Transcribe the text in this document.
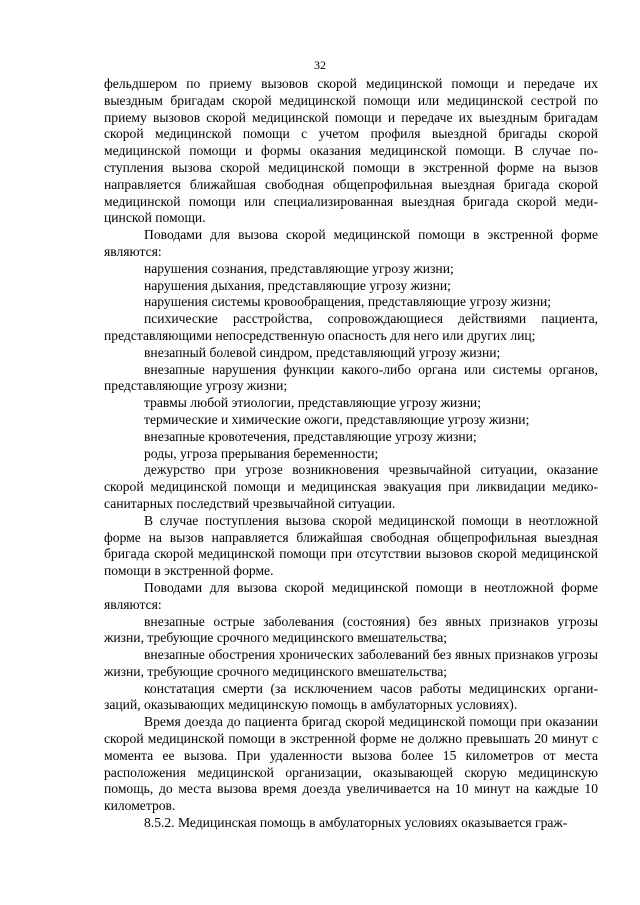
32

фельдшером по приему вызовов скорой медицинской помощи и передаче их выездным бригадам скорой медицинской помощи или медицинской сестрой по приему вызовов скорой медицинской помощи и передаче их выездным бригадам скорой медицинской помощи с учетом профиля выездной бригады скорой медицинской помощи и формы оказания медицинской помощи. В случае поступления вызова скорой медицинской помощи в экстренной форме на вызов направляется ближайшая свободная общепрофильная выездная бригада скорой медицинской помощи или специализированная выездная бригада скорой медицинской помощи.

Поводами для вызова скорой медицинской помощи в экстренной форме являются:

нарушения сознания, представляющие угрозу жизни;

нарушения дыхания, представляющие угрозу жизни;

нарушения системы кровообращения, представляющие угрозу жизни;

психические расстройства, сопровождающиеся действиями пациента, представляющими непосредственную опасность для него или других лиц;

внезапный болевой синдром, представляющий угрозу жизни;

внезапные нарушения функции какого-либо органа или системы органов, представляющие угрозу жизни;

травмы любой этиологии, представляющие угрозу жизни;

термические и химические ожоги, представляющие угрозу жизни;

внезапные кровотечения, представляющие угрозу жизни;

роды, угроза прерывания беременности;

дежурство при угрозе возникновения чрезвычайной ситуации, оказание скорой медицинской помощи и медицинская эвакуация при ликвидации медико-санитарных последствий чрезвычайной ситуации.

В случае поступления вызова скорой медицинской помощи в неотложной форме на вызов направляется ближайшая свободная общепрофильная выездная бригада скорой медицинской помощи при отсутствии вызовов скорой медицинской помощи в экстренной форме.

Поводами для вызова скорой медицинской помощи в неотложной форме являются:

внезапные острые заболевания (состояния) без явных признаков угрозы жизни, требующие срочного медицинского вмешательства;

внезапные обострения хронических заболеваний без явных признаков угрозы жизни, требующие срочного медицинского вмешательства;

констатация смерти (за исключением часов работы медицинских организаций, оказывающих медицинскую помощь в амбулаторных условиях).

Время доезда до пациента бригад скорой медицинской помощи при оказании скорой медицинской помощи в экстренной форме не должно превышать 20 минут с момента ее вызова. При удаленности вызова более 15 километров от места расположения медицинской организации, оказывающей скорую медицинскую помощь, до места вызова время доезда увеличивается на 10 минут на каждые 10 километров.

8.5.2. Медицинская помощь в амбулаторных условиях оказывается граж-
